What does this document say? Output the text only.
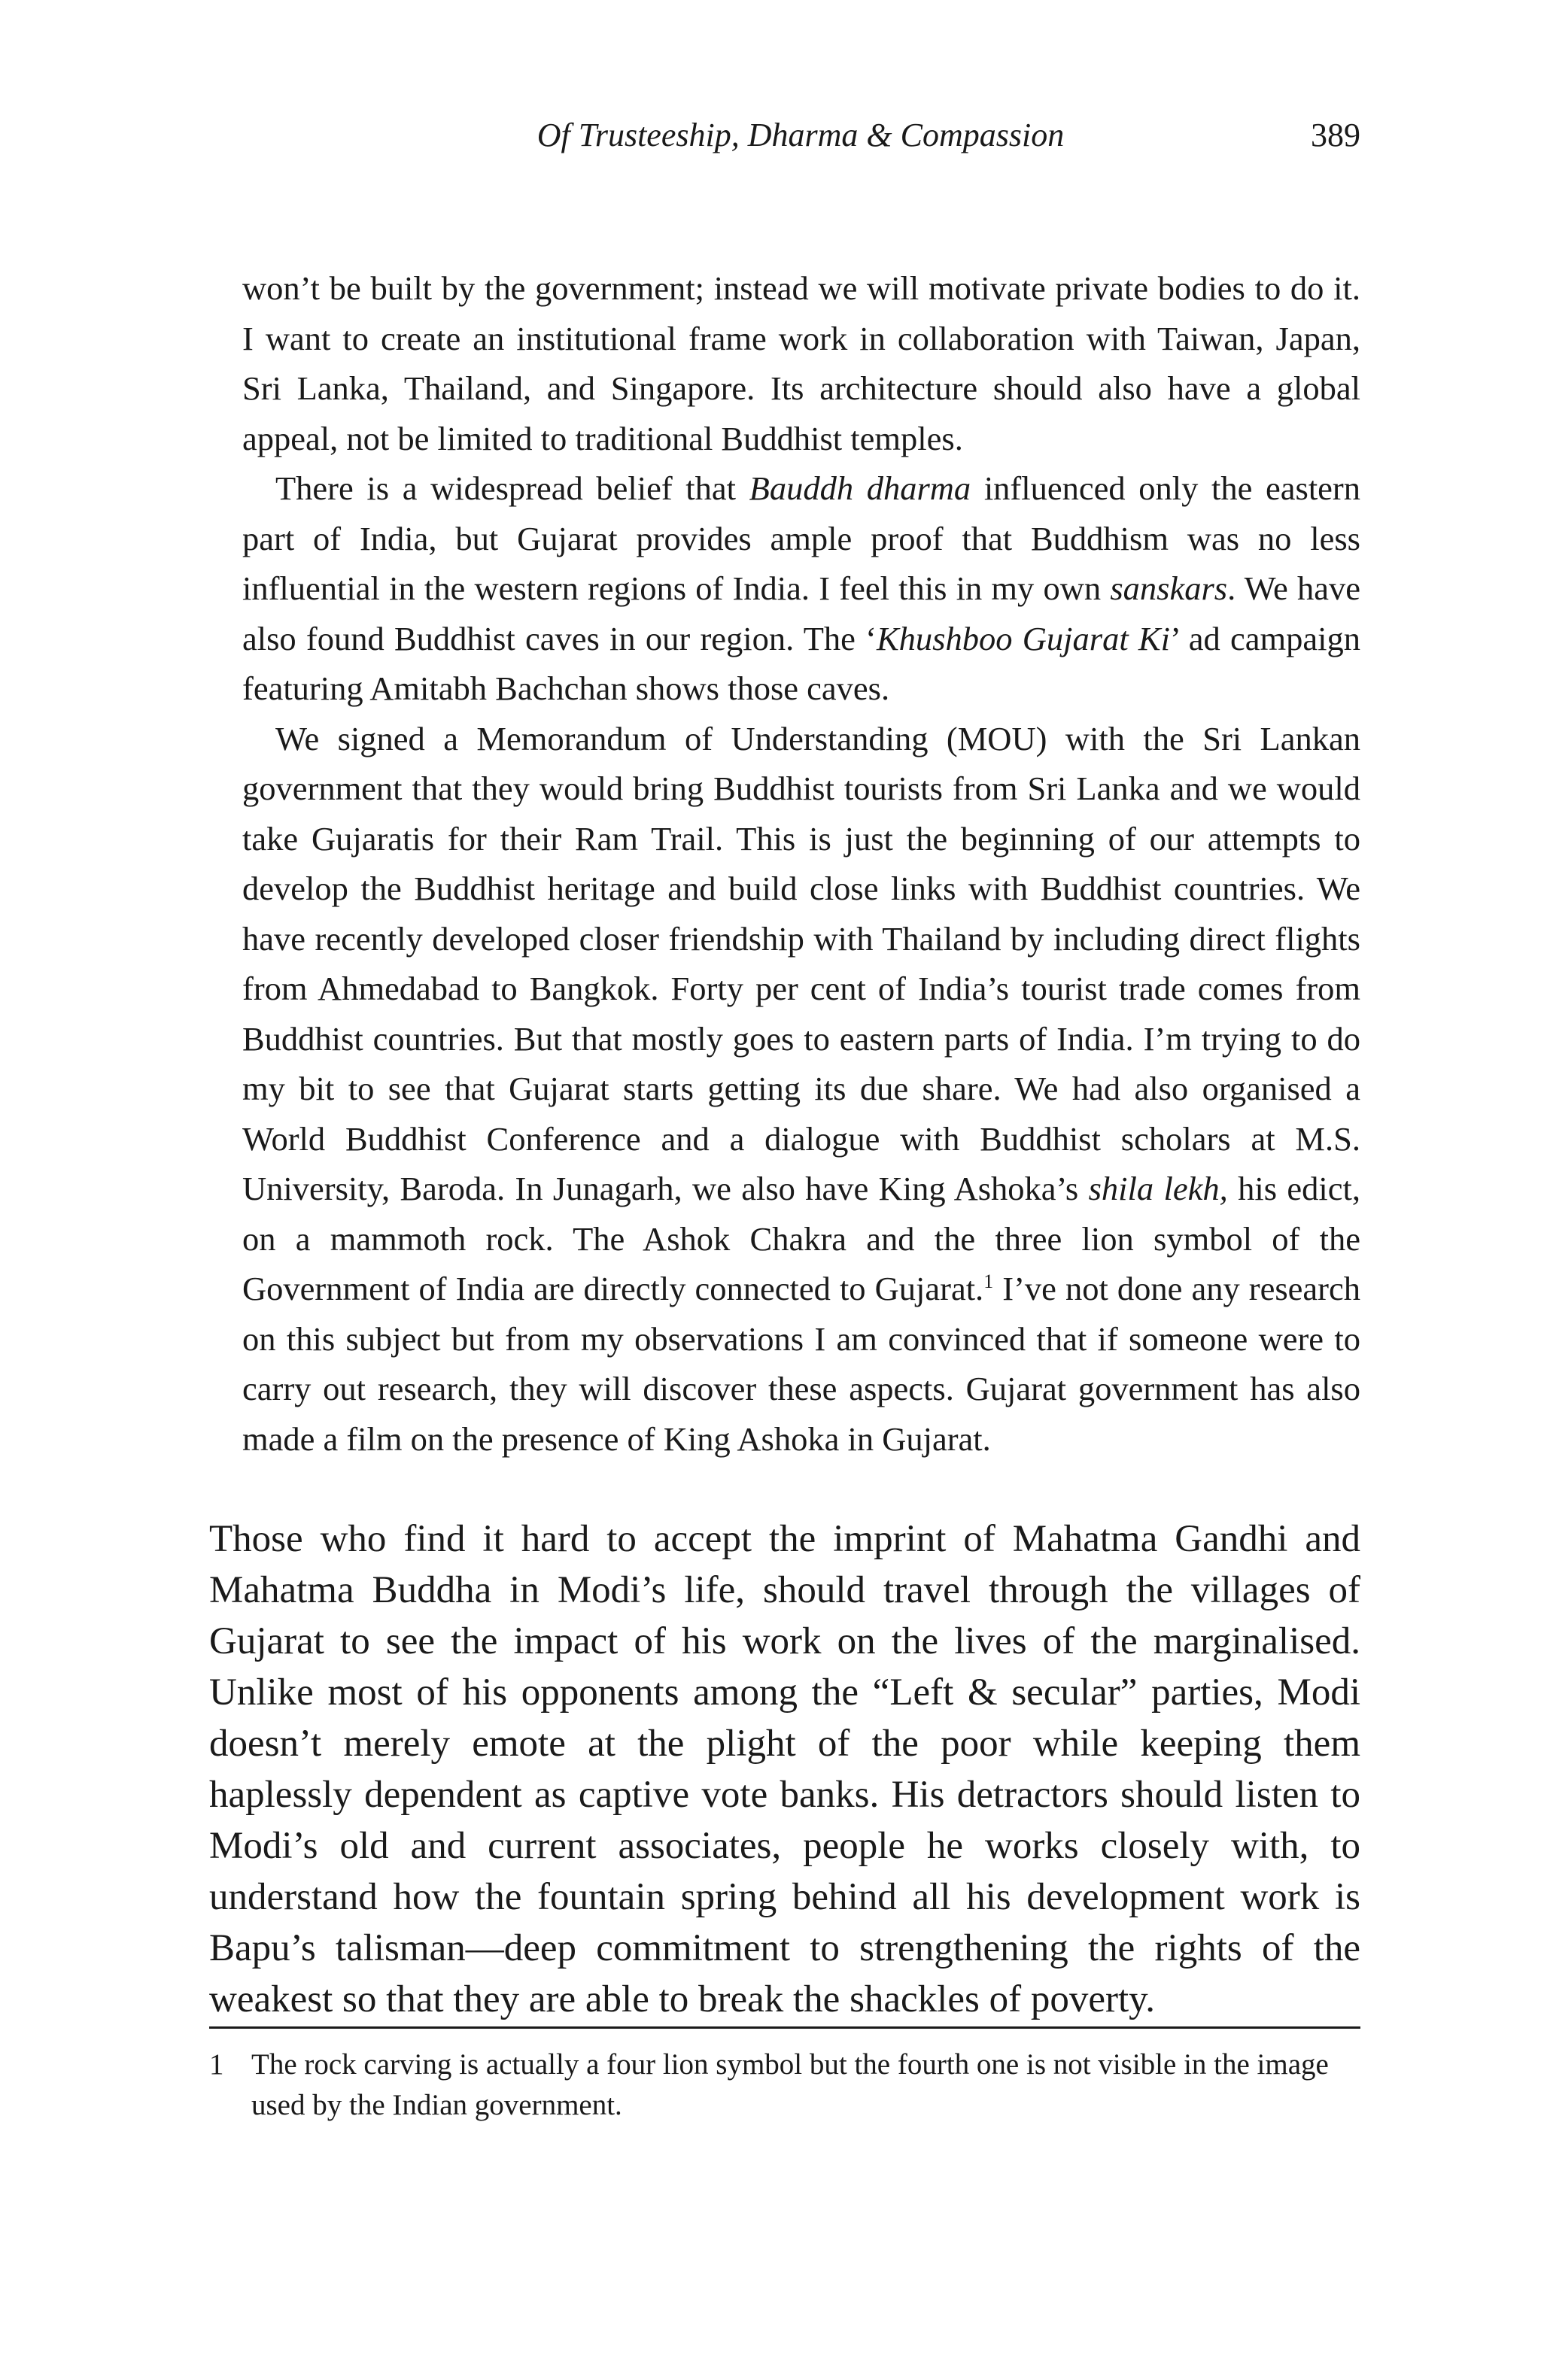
Of Trusteeship, Dharma & Compassion	389

won’t be built by the government; instead we will motivate private bodies to do it. I want to create an institutional frame work in collaboration with Taiwan, Japan, Sri Lanka, Thailand, and Singapore. Its architecture should also have a global appeal, not be limited to traditional Buddhist temples.

There is a widespread belief that Bauddh dharma influenced only the eastern part of India, but Gujarat provides ample proof that Buddhism was no less influential in the western regions of India. I feel this in my own sanskars. We have also found Buddhist caves in our region. The ‘Khushboo Gujarat Ki’ ad campaign featuring Amitabh Bachchan shows those caves.

We signed a Memorandum of Understanding (MOU) with the Sri Lankan government that they would bring Buddhist tourists from Sri Lanka and we would take Gujaratis for their Ram Trail. This is just the beginning of our attempts to develop the Buddhist heritage and build close links with Buddhist countries. We have recently developed closer friendship with Thailand by including direct flights from Ahmedabad to Bangkok. Forty per cent of India’s tourist trade comes from Buddhist countries. But that mostly goes to eastern parts of India. I’m trying to do my bit to see that Gujarat starts getting its due share. We had also organised a World Buddhist Conference and a dialogue with Buddhist scholars at M.S. University, Baroda. In Junagarh, we also have King Ashoka’s shila lekh, his edict, on a mammoth rock. The Ashok Chakra and the three lion symbol of the Government of India are directly connected to Gujarat.$^1$ I’ve not done any research on this subject but from my observations I am convinced that if someone were to carry out research, they will discover these aspects. Gujarat government has also made a film on the presence of King Ashoka in Gujarat.

Those who find it hard to accept the imprint of Mahatma Gandhi and Mahatma Buddha in Modi’s life, should travel through the villages of Gujarat to see the impact of his work on the lives of the marginalised. Unlike most of his opponents among the “Left & secular” parties, Modi doesn’t merely emote at the plight of the poor while keeping them haplessly dependent as captive vote banks. His detractors should listen to Modi’s old and current associates, people he works closely with, to understand how the fountain spring behind all his development work is Bapu’s talisman—deep commitment to strengthening the rights of the weakest so that they are able to break the shackles of poverty.

1 The rock carving is actually a four lion symbol but the fourth one is not visible in the image used by the Indian government.
